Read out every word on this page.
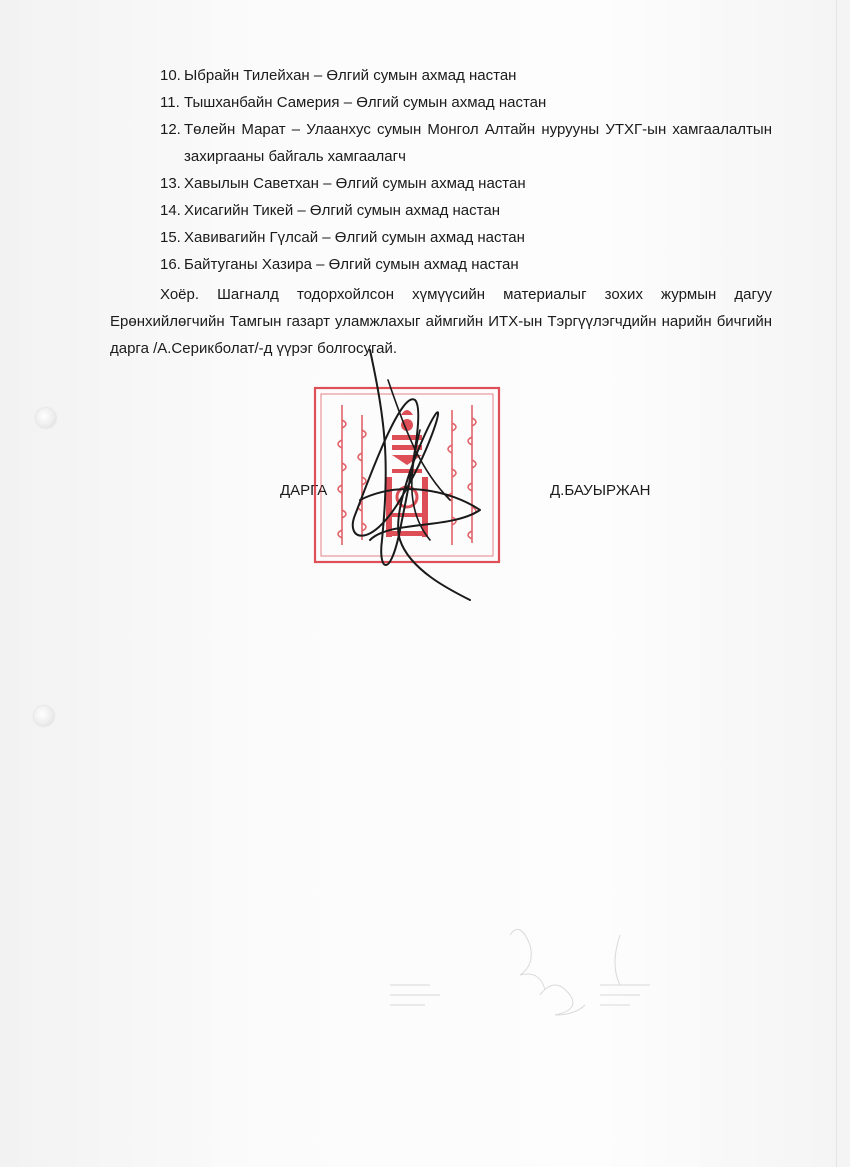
10. Ыбрайн Тилейхан – Өлгий сумын ахмад настан
11. Тышханбайн Самерия – Өлгий сумын ахмад настан
12. Төлейн Марат – Улаанхус сумын Монгол Алтайн нурууны УТХГ-ын хамгаалалтын захиргааны байгаль хамгаалагч
13. Хавылын Саветхан – Өлгий сумын ахмад настан
14. Хисагийн Тикей – Өлгий сумын ахмад настан
15. Хавивагийн Гүлсай – Өлгий сумын ахмад настан
16. Байтуганы Хазира – Өлгий сумын ахмад настан

Хоёр. Шагналд тодорхойлсон хүмүүсийн материалыг зохих журмын дагуу Ерөнхийлөгчийн Тамгын газарт уламжлахыг аймгийн ИТХ-ын Тэргүүлэгчдийн нарийн бичгийн дарга /А.Серикболат/-д үүрэг болгосугай.

ДАРГА	Д.БАУЫРЖАН
